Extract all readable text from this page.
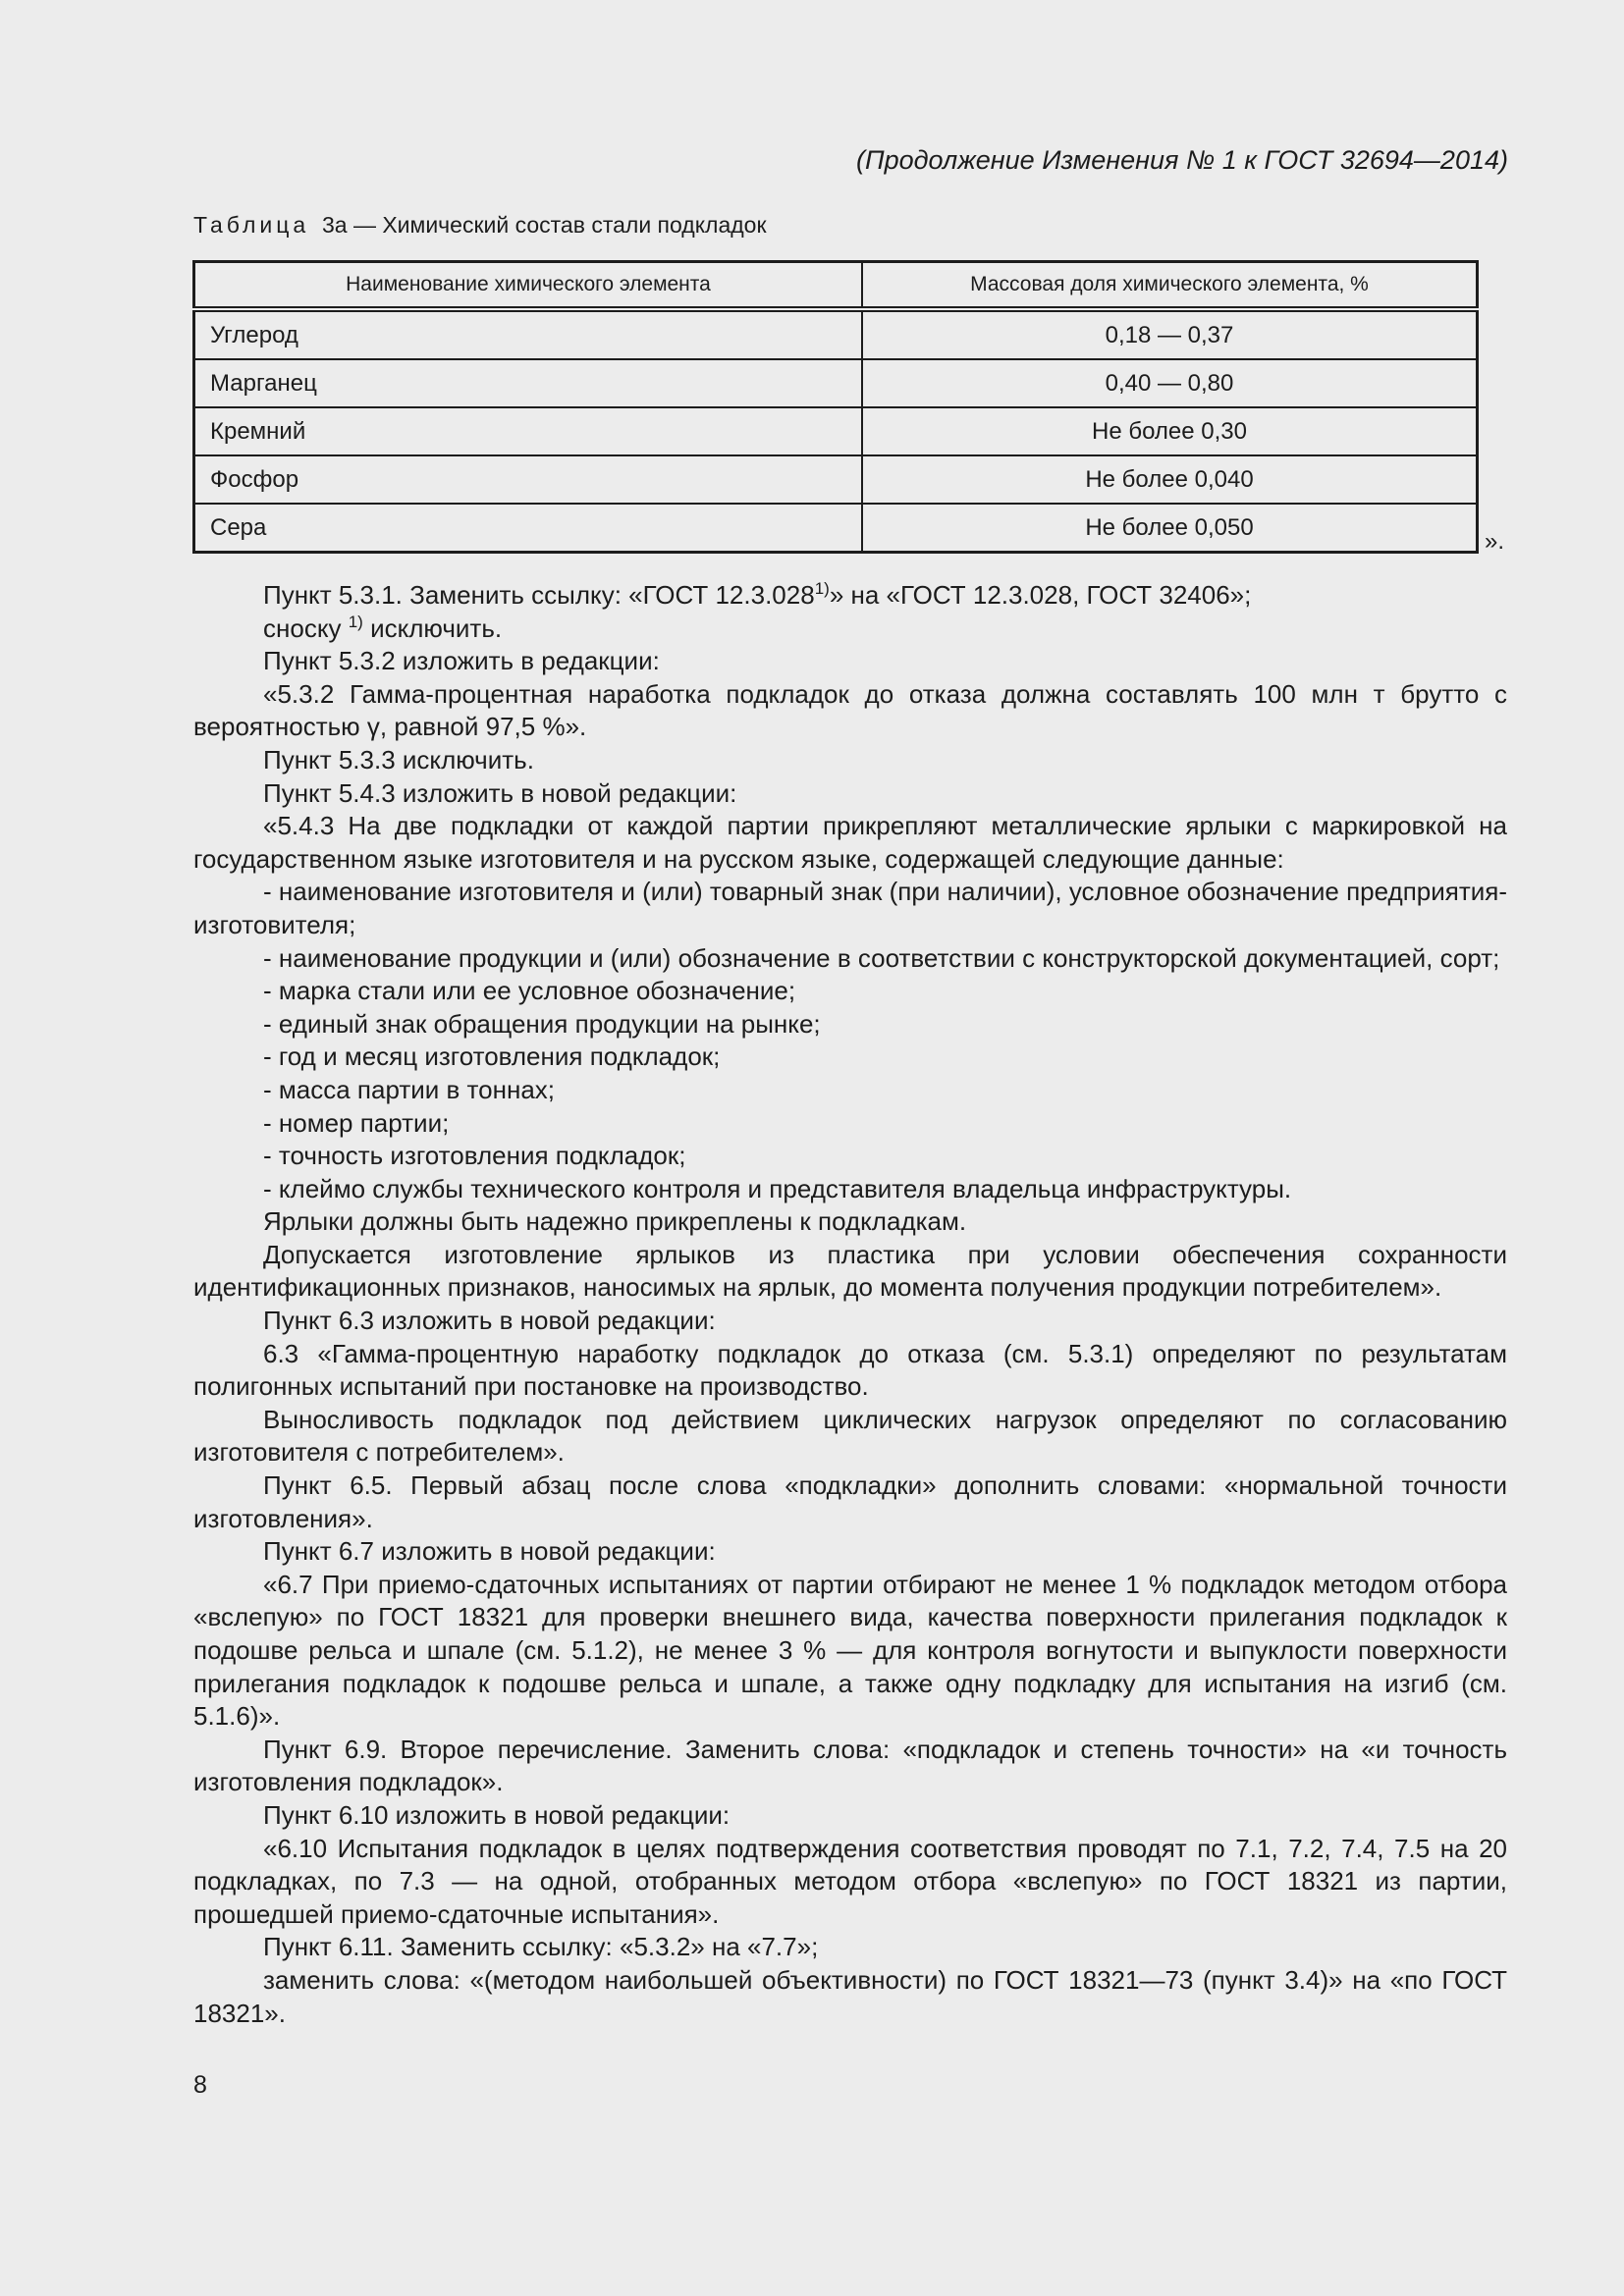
(Продолжение Изменения № 1 к ГОСТ 32694—2014)
Таблица 3а — Химический состав стали подкладок
Наименование химического элемента	Массовая доля химического элемента, %
Углерод	0,18 — 0,37
Марганец	0,40 — 0,80
Кремний	Не более 0,30
Фосфор	Не более 0,040
Сера	Не более 0,050
».

Пункт 5.3.1. Заменить ссылку: «ГОСТ 12.3.028$^{1)}$» на «ГОСТ 12.3.028, ГОСТ 32406»;

сноску $^{1)}$ исключить.

Пункт 5.3.2 изложить в редакции:

«5.3.2 Гамма-процентная наработка подкладок до отказа должна составлять 100 млн т брутто с вероятностью γ, равной 97,5 %».

Пункт 5.3.3 исключить.

Пункт 5.4.3 изложить в новой редакции:

«5.4.3 На две подкладки от каждой партии прикрепляют металлические ярлыки с маркировкой на государственном языке изготовителя и на русском языке, содержащей следующие данные:

- наименование изготовителя и (или) товарный знак (при наличии), условное обозначение предприятия-изготовителя;

- наименование продукции и (или) обозначение в соответствии с конструкторской документацией, сорт;

- марка стали или ее условное обозначение;

- единый знак обращения продукции на рынке;

- год и месяц изготовления подкладок;

- масса партии в тоннах;

- номер партии;

- точность изготовления подкладок;

- клеймо службы технического контроля и представителя владельца инфраструктуры.

Ярлыки должны быть надежно прикреплены к подкладкам.

Допускается изготовление ярлыков из пластика при условии обеспечения сохранности идентификационных признаков, наносимых на ярлык, до момента получения продукции потребителем».

Пункт 6.3 изложить в новой редакции:

6.3 «Гамма-процентную наработку подкладок до отказа (см. 5.3.1) определяют по результатам полигонных испытаний при постановке на производство.

Выносливость подкладок под действием циклических нагрузок определяют по согласованию изготовителя с потребителем».

Пункт 6.5. Первый абзац после слова «подкладки» дополнить словами: «нормальной точности изготовления».

Пункт 6.7 изложить в новой редакции:

«6.7 При приемо-сдаточных испытаниях от партии отбирают не менее 1 % подкладок методом отбора «вслепую» по ГОСТ 18321 для проверки внешнего вида, качества поверхности прилегания подкладок к подошве рельса и шпале (см. 5.1.2), не менее 3 % — для контроля вогнутости и выпуклости поверхности прилегания подкладок к подошве рельса и шпале, а также одну подкладку для испытания на изгиб (см. 5.1.6)».

Пункт 6.9. Второе перечисление. Заменить слова: «подкладок и степень точности» на «и точность изготовления подкладок».

Пункт 6.10 изложить в новой редакции:

«6.10 Испытания подкладок в целях подтверждения соответствия проводят по 7.1, 7.2, 7.4, 7.5 на 20 подкладках, по 7.3 — на одной, отобранных методом отбора «вслепую» по ГОСТ 18321 из партии, прошедшей приемо-сдаточные испытания».

Пункт 6.11. Заменить ссылку: «5.3.2» на «7.7»;

заменить слова: «(методом наибольшей объективности) по ГОСТ 18321—73 (пункт 3.4)» на «по ГОСТ 18321».

8
